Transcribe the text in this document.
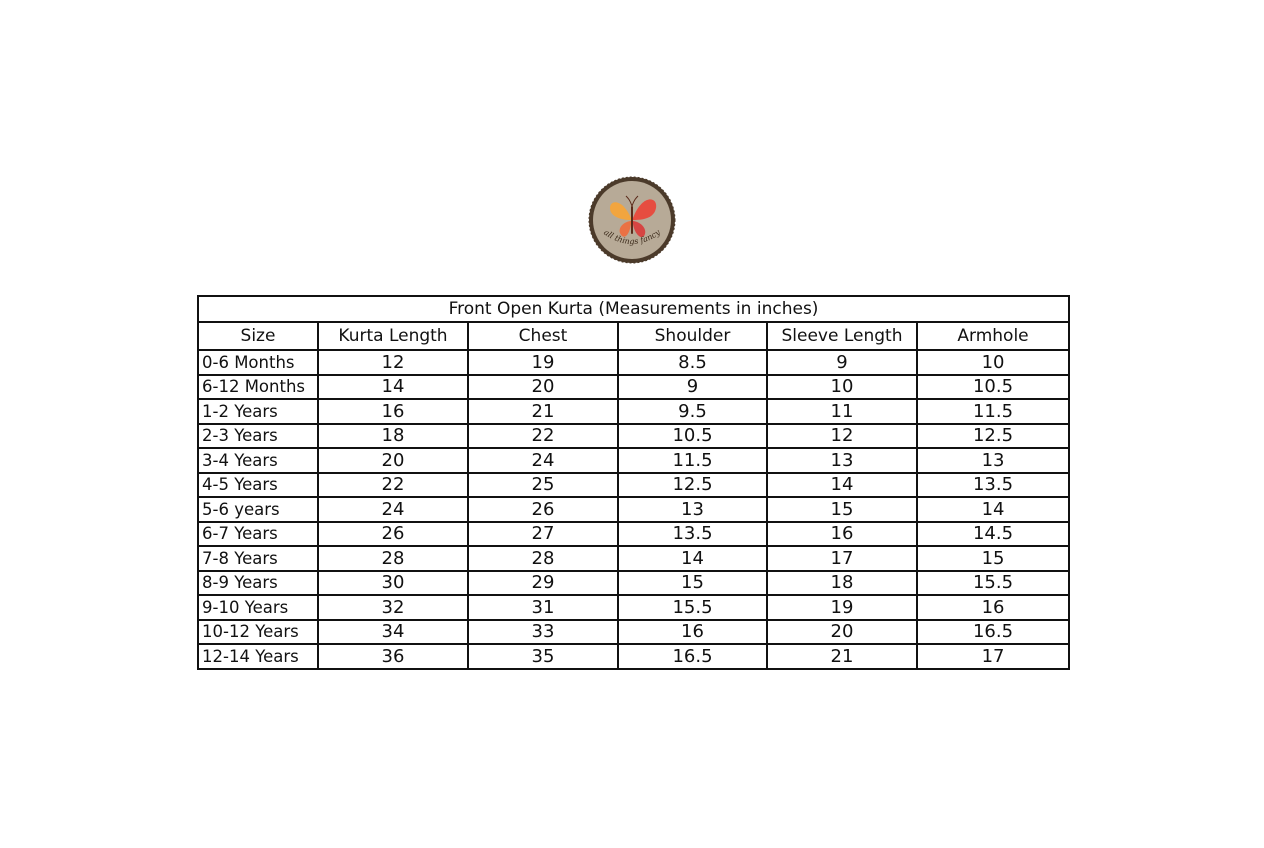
all things fancy
Front Open Kurta (Measurements in inches)					
Size	Kurta Length	Chest	Shoulder	Sleeve Length	Armhole
0-6 Months	12	19	8.5	9	10
6-12 Months	14	20	9	10	10.5
1-2 Years	16	21	9.5	11	11.5
2-3 Years	18	22	10.5	12	12.5
3-4 Years	20	24	11.5	13	13
4-5 Years	22	25	12.5	14	13.5
5-6 years	24	26	13	15	14
6-7 Years	26	27	13.5	16	14.5
7-8 Years	28	28	14	17	15
8-9 Years	30	29	15	18	15.5
9-10 Years	32	31	15.5	19	16
10-12 Years	34	33	16	20	16.5
12-14 Years	36	35	16.5	21	17
